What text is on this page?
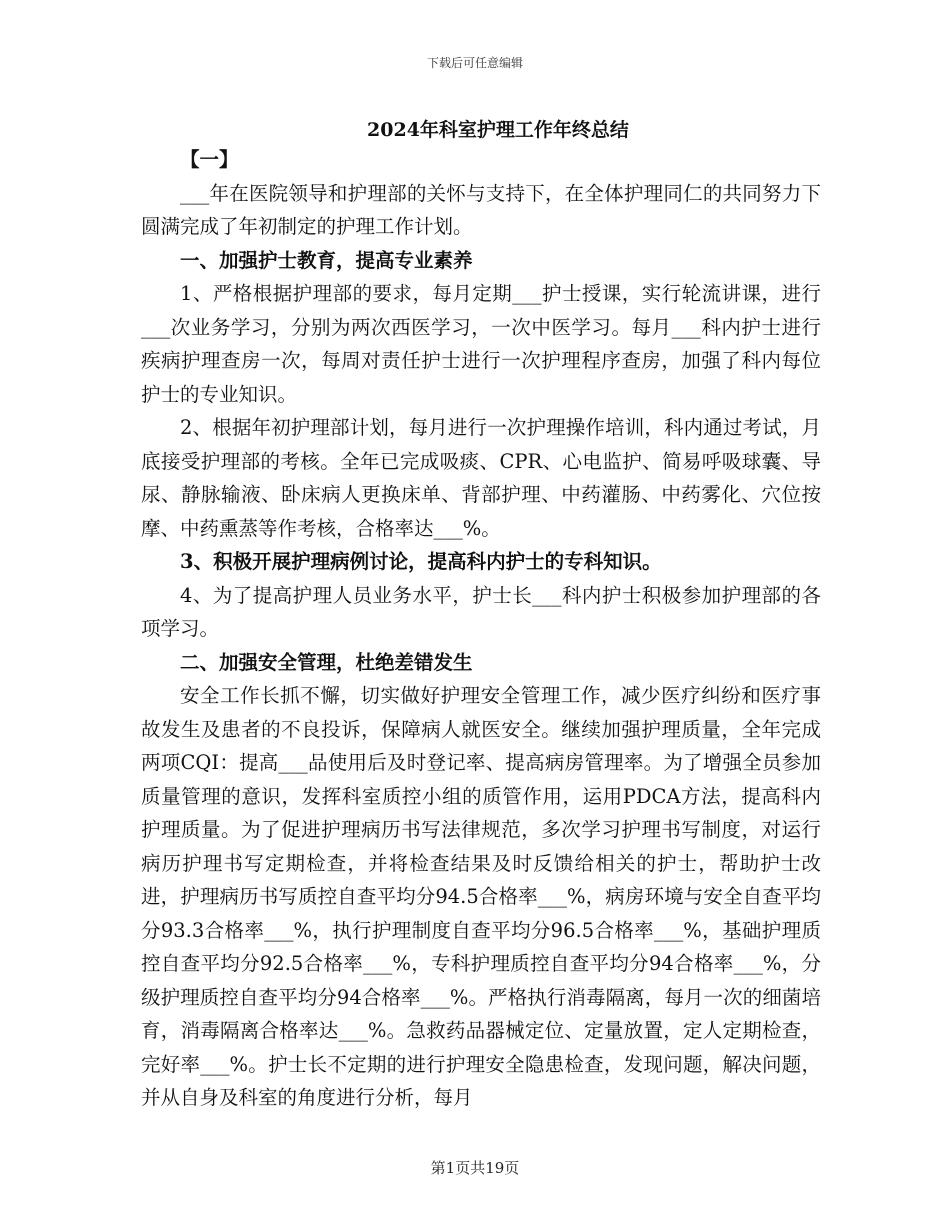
下载后可任意编辑
2024年科室护理工作年终总结

【一】

___年在医院领导和护理部的关怀与支持下，在全体护理同仁的共同努力下圆满完成了年初制定的护理工作计划。

一、加强护士教育，提高专业素养

1、严格根据护理部的要求，每月定期___护士授课，实行轮流讲课，进行___次业务学习，分别为两次西医学习，一次中医学习。每月___科内护士进行疾病护理查房一次，每周对责任护士进行一次护理程序查房，加强了科内每位护士的专业知识。

2、根据年初护理部计划，每月进行一次护理操作培训，科内通过考试，月底接受护理部的考核。全年已完成吸痰、CPR、心电监护、简易呼吸球囊、导尿、静脉输液、卧床病人更换床单、背部护理、中药灌肠、中药雾化、穴位按摩、中药熏蒸等作考核，合格率达___%。

3、积极开展护理病例讨论，提高科内护士的专科知识。

4、为了提高护理人员业务水平，护士长___科内护士积极参加护理部的各项学习。

二、加强安全管理，杜绝差错发生

安全工作长抓不懈，切实做好护理安全管理工作，减少医疗纠纷和医疗事故发生及患者的不良投诉，保障病人就医安全。继续加强护理质量，全年完成两项CQI：提高___品使用后及时登记率、提高病房管理率。为了增强全员参加质量管理的意识，发挥科室质控小组的质管作用，运用PDCA方法，提高科内护理质量。为了促进护理病历书写法律规范，多次学习护理书写制度，对运行病历护理书写定期检查，并将检查结果及时反馈给相关的护士，帮助护士改进，护理病历书写质控自查平均分94.5合格率___%，病房环境与安全自查平均分93.3合格率___%，执行护理制度自查平均分96.5合格率___%，基础护理质控自查平均分92.5合格率___%，专科护理质控自查平均分94合格率___%，分级护理质控自查平均分94合格率___%。严格执行消毒隔离，每月一次的细菌培育，消毒隔离合格率达___%。急救药品器械定位、定量放置，定人定期检查，完好率___%。护士长不定期的进行护理安全隐患检查，发现问题，解决问题，并从自身及科室的角度进行分析，每月

第1页共19页
